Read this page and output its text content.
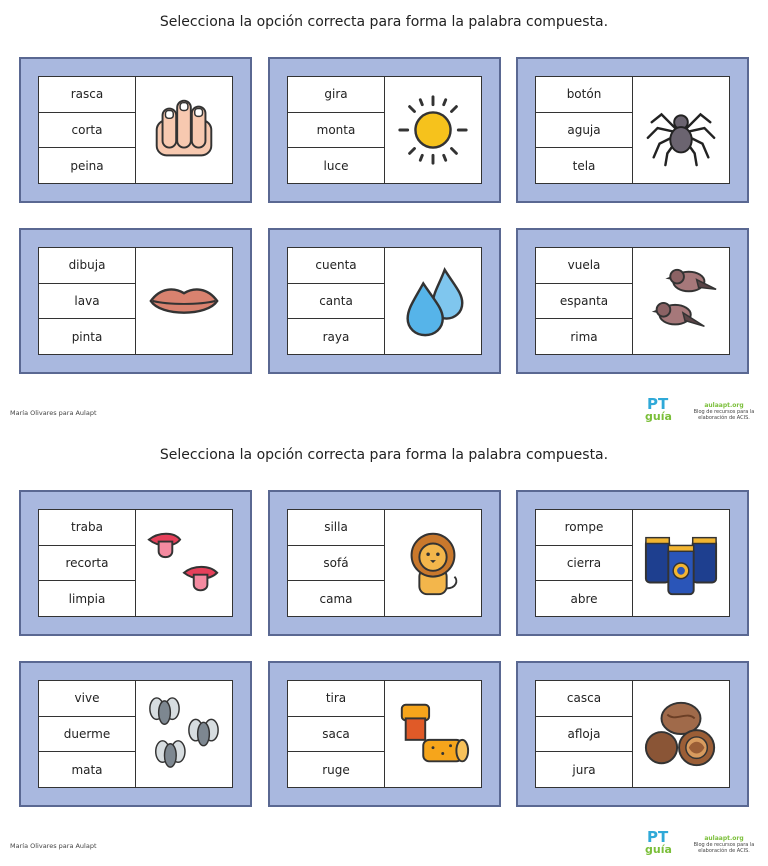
Selecciona la opción correcta para forma la palabra compuesta.
rasca
corta
peina
gira
monta
luce
botón
aguja
tela
dibuja
lava
pinta
cuenta
canta
raya
vuela
espanta
rima
María Olivares para Aulapt	PT
guía
aulaapt.org
Blog de recursos para la elaboración de ACIS.
Selecciona la opción correcta para forma la palabra compuesta.
traba
recorta
limpia
silla
sofá
cama
rompe
cierra
abre
vive
duerme
mata
tira
saca
ruge
casca
afloja
jura
María Olivares para Aulapt	PT
guía
aulaapt.org
Blog de recursos para la elaboración de ACIS.
